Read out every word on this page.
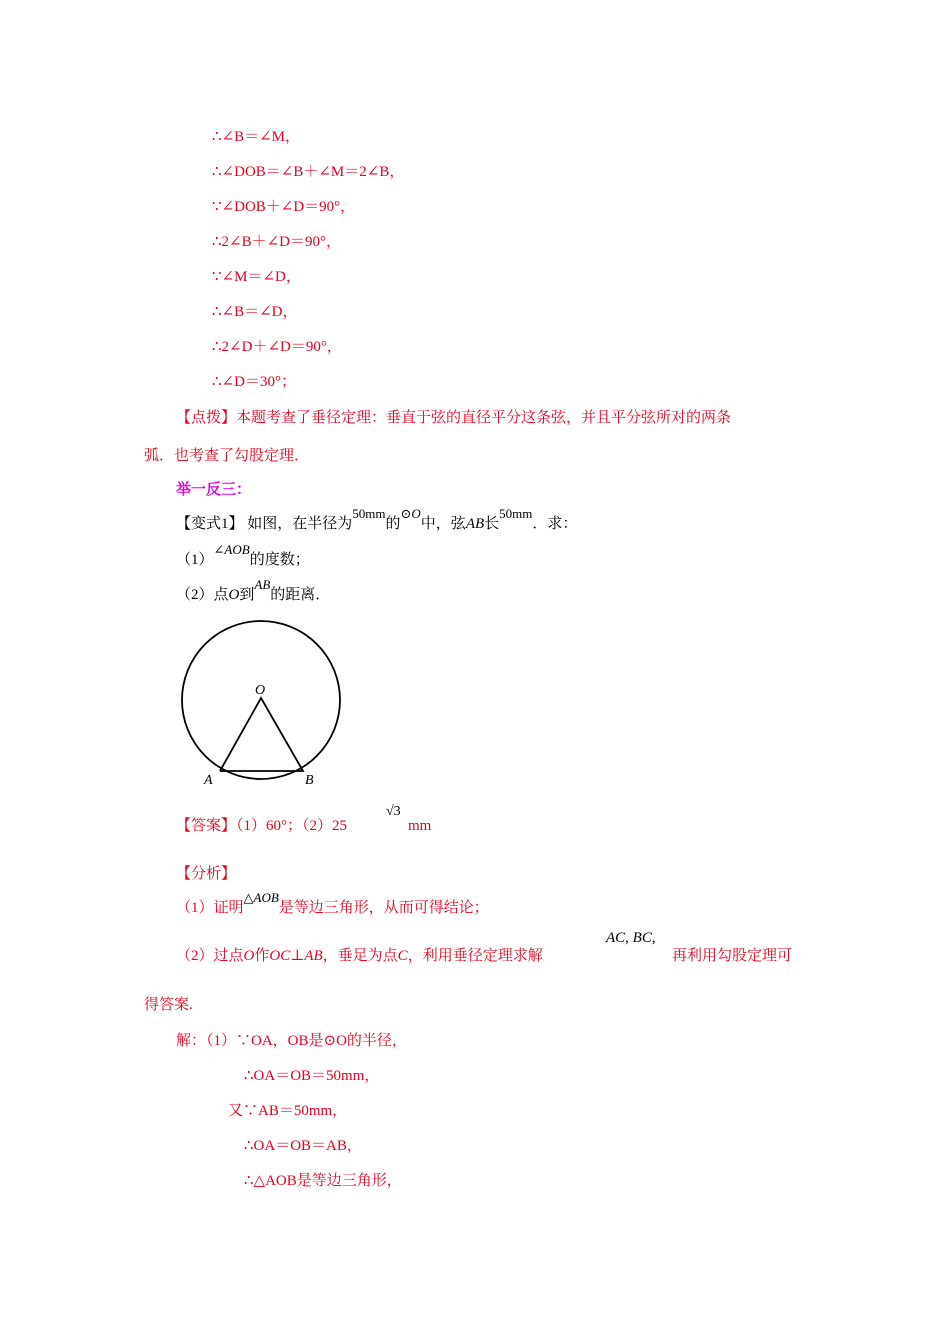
∴∠B＝∠M，
∴∠DOB＝∠B＋∠M＝2∠B，
∵∠DOB＋∠D＝90°，
∴2∠B＋∠D＝90°，
∵∠M＝∠D，
∴∠B＝∠D，
∴2∠D＋∠D＝90°，
∴∠D＝30°；
【点拨】本题考查了垂径定理：垂直于弦的直径平分这条弦，并且平分弦所对的两条
弧．也考查了勾股定理．
举一反三：
【变式1】 如图，在半径为50mm的⊙O中，弦AB长50mm．求：
（1）∠AOB的度数；
（2）点O到AB的距离．
O
A	B
【答案】（1）60°；（2）25
√3
mm
【分析】
（1）证明△AOB是等边三角形，从而可得结论；
（2）过点O作OC⊥AB，垂足为点C，利用垂径定理求解
AC, BC,
再利用勾股定理可
得答案.
解：（1）∵OA，OB是⊙O的半径，
∴OA＝OB＝50mm，
又∵AB＝50mm，
∴OA＝OB＝AB，
∴△AOB是等边三角形，
